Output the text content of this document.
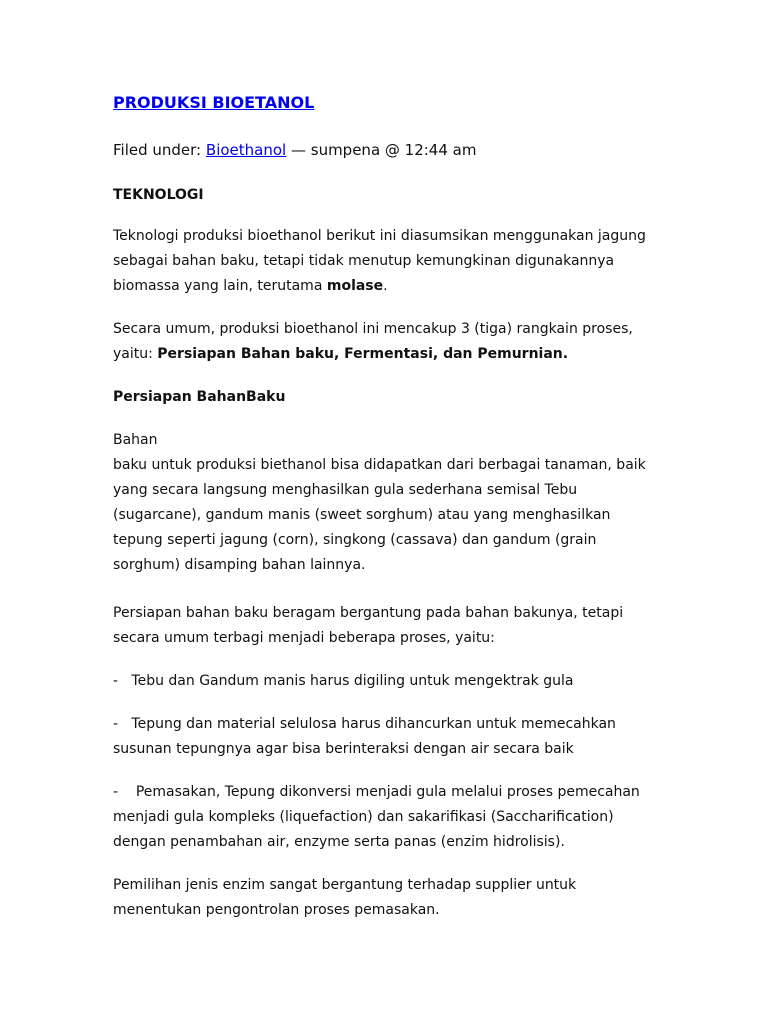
PRODUKSI BIOETANOL
Filed under: Bioethanol — sumpena @ 12:44 am
TEKNOLOGI

Teknologi produksi bioethanol berikut ini diasumsikan menggunakan jagung
sebagai bahan baku, tetapi tidak menutup kemungkinan digunakannya
biomassa yang lain, terutama molase.

Secara umum, produksi bioethanol ini mencakup 3 (tiga) rangkain proses,
yaitu: Persiapan Bahan baku, Fermentasi, dan Pemurnian.

Persiapan BahanBaku

Bahan
baku untuk produksi biethanol bisa didapatkan dari berbagai tanaman, baik
yang secara langsung menghasilkan gula sederhana semisal Tebu
(sugarcane), gandum manis (sweet sorghum) atau yang menghasilkan
tepung seperti jagung (corn), singkong (cassava) dan gandum (grain
sorghum) disamping bahan lainnya.

Persiapan bahan baku beragam bergantung pada bahan bakunya, tetapi
secara umum terbagi menjadi beberapa proses, yaitu:

-   Tebu dan Gandum manis harus digiling untuk mengektrak gula

-   Tepung dan material selulosa harus dihancurkan untuk memecahkan
susunan tepungnya agar bisa berinteraksi dengan air secara baik

-    Pemasakan, Tepung dikonversi menjadi gula melalui proses pemecahan
menjadi gula kompleks (liquefaction) dan sakarifikasi (Saccharification)
dengan penambahan air, enzyme serta panas (enzim hidrolisis).

Pemilihan jenis enzim sangat bergantung terhadap supplier untuk
menentukan pengontrolan proses pemasakan.
